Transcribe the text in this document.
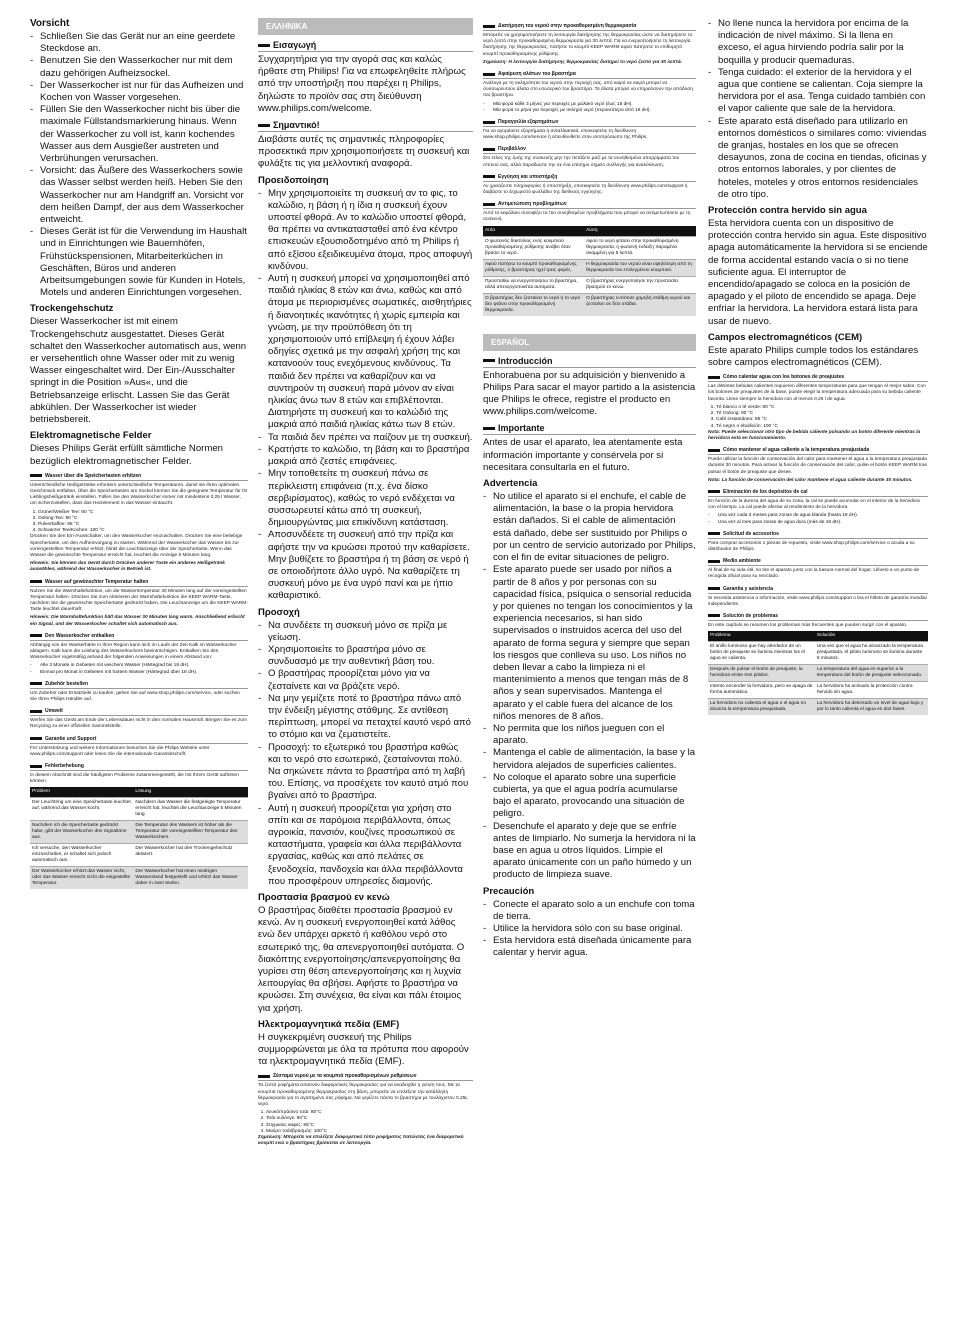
Vorsicht
- Schließen Sie das Gerät nur an eine geerdete Steckdose an.
- Benutzen Sie den Wasserkocher nur mit dem dazu gehörigen Aufheizsockel.
- Der Wasserkocher ist nur für das Aufheizen und Kochen von Wasser vorgesehen.
- Füllen Sie den Wasserkocher nicht bis über die maximale Füllstandsmarkierung hinaus. Wenn der Wasserkocher zu voll ist, kann kochendes Wasser aus dem Ausgießer austreten und Verbrühungen verursachen.
- Vorsicht: das Äußere des Wasserkochers sowie das Wasser selbst werden heiß. Heben Sie den Wasserkocher nur am Handgriff an. Vorsicht vor dem heißen Dampf, der aus dem Wasserkocher entweicht.
- Dieses Gerät ist für die Verwendung im Haushalt und in Einrichtungen wie Bauernhöfen, Frühstückspensionen, Mitarbeiterküchen in Geschäften, Büros und anderen Arbeitsumgebungen sowie für Kunden in Hotels, Motels und anderen Einrichtungen vorgesehen.
Trockengehschutz

Dieser Wasserkocher ist mit einem Trockengehschutz ausgestattet. Dieses Gerät schaltet den Wasserkocher automatisch aus, wenn er versehentlich ohne Wasser oder mit zu wenig Wasser eingeschaltet wird. Der Ein-/Ausschalter springt in die Position »Aus«, und die Betriebsanzeige erlischt. Lassen Sie das Gerät abkühlen. Der Wasserkocher ist wieder betriebsbereit.

Elektromagnetische Felder

Dieses Philips Gerät erfüllt sämtliche Normen bezüglich elektromagnetischer Felder.

Wasser über die Speichertasten erhitzen

Unterschiedliche Heißgetränke erfordern unterschiedliche Temperaturen, damit sie ihren optimalen Geschmack entfalten. Über die Speichertasten am Sockel können Sie die geeignete Temperatur für Ihr Lieblingsheißgetränk einstellen. Füllen Sie den Wasserkocher immer mit mindestens 0,25 l Wasser, um sicherzustellen, dass das Heizelement in das Wasser eintaucht.

1. Grüner/Weißer Tee: 80 °C
2. Oolong-Tee: 90 °C
3. Pulverkaffee: 95 °C
4. Schwarzer Tee/Kochen: 100 °C

Drücken Sie den Ein-/Ausschalter, um den Wasserkocher einzuschalten. Drücken Sie eine beliebige Speichertaste, um den Aufheizvorgang zu starten. Während der Wasserkocher das Wasser bis zur voreingestellten Temperatur erhitzt, blinkt die Leuchtanzeige über der Speichertaste. Wenn das Wasser die gewünschte Temperatur erreicht hat, leuchtet die Anzeige 5 Minuten lang.

Hinweis: Sie können das Gerät durch Drücken anderer Taste ein anderes Heißgetränk auswählen, während der Wasserkocher in Betrieb ist.

Wasser auf gewünschter Temperatur halten

Nutzen Sie die Warmhaltefunktion, um die Wassertemperatur 30 Minuten lang auf der voreingestellten Temperatur halten. Drücken Sie zum Aktivieren der Warmhaltefunktion die KEEP WARM-Taste, nachdem Sie die gewünschte Speichertaste gedrückt haben. Die Leuchtanzeige um die KEEP WARM-Taste leuchtet dauerhaft.

Hinweis: Die Warmhaltefunktion hält das Wasser 30 Minuten lang warm. Anschließend erlischt ein Signal, und der Wasserkocher schaltet sich automatisch aus.

Den Wasserkocher entkalken

Abhängig von der Wasserhärte in Ihrer Region kann sich im Laufe der Zeit Kalk im Wasserkocher ablagern. Kalk kann die Leistung des Wasserkochers beeinträchtigen. Entkalken Sie den Wasserkocher regelmäßig anhand der folgenden Anweisungen in einem Abstand von:

- Alle 3 Monate in Gebieten mit weichem Wasser (Härtegrad bis 18 dH).
- Einmal pro Monat in Gebieten mit hartem Wasser (Härtegrad über 18 dH).
Zubehör bestellen

Um Zubehör oder Ersatzteile zu kaufen, gehen Sie auf www.shop.philips.com/service, oder suchen Sie Ihren Philips Händler auf.

Umwelt

Werfen Sie das Gerät am Ende der Lebensdauer nicht in den normalen Hausmüll. Bringen Sie es zum Recycling zu einer offiziellen Sammelstelle.

Garantie und Support

Für Unterstützung und weitere Informationen besuchen Sie die Philips Website unter www.philips.com/support oder lesen Sie die internationale Garantieschrift.

Fehlerbehebung

In diesem Abschnitt sind die häufigsten Probleme zusammengestellt, die mit Ihrem Gerät auftreten können.

Problem	Lösung
Der Leuchtring um eine Speichertaste leuchtet auf, während das Wasser kocht.	Nachdem das Wasser die festgelegte Temperatur erreicht hat, leuchtet die Leuchtanzeige 5 Minuten lang.
Nachdem ich die Speichertaste gedrückt habe, gibt der Wasserkocher drei Signaltöne aus.	Die Temperatur des Wassers ist höher als die Temperatur der voreingestellten Temperatur des Wasserkochers.
Ich versuche, den Wasserkocher einzuschalten, er schaltet sich jedoch automatisch aus.	Der Wasserkocher hat den Trockengehschutz aktiviert.
Der Wasserkocher erhitzt das Wasser nicht, oder das Wasser erreicht nicht die eingestellte Temperatur.	Der Wasserkocher hat einen niedrigen Wasserstand festgestellt und erhitzt das Wasser daher in zwei Stufen.
ΕΛΛΗΝΙΚΑ
Εισαγωγή

Συγχαρητήρια για την αγορά σας και καλώς ήρθατε στη Philips! Για να επωφεληθείτε πλήρως από την υποστήριξη που παρέχει η Philips, δηλώστε το προϊόν σας στη διεύθυνση www.philips.com/welcome.

Σημαντικό!

Διαβάστε αυτές τις σημαντικές πληροφορίες προσεκτικά πριν χρησιμοποιήσετε τη συσκευή και φυλάξτε τις για μελλοντική αναφορά.

Προειδοποίηση
- Μην χρησιμοποιείτε τη συσκευή αν το φις, το καλώδιο, η βάση ή η ίδια η συσκευή έχουν υποστεί φθορά. Αν το καλώδιο υποστεί φθορά, θα πρέπει να αντικατασταθεί από ένα κέντρο επισκευών εξουσιοδοτημένο από τη Philips ή από εξίσου εξειδικευμένα άτομα, προς αποφυγή κινδύνου.
- Αυτή η συσκευή μπορεί να χρησιμοποιηθεί από παιδιά ηλικίας 8 ετών και άνω, καθώς και από άτομα με περιορισμένες σωματικές, αισθητήριες ή διανοητικές ικανότητες ή χωρίς εμπειρία και γνώση, με την προϋπόθεση ότι τη χρησιμοποιούν υπό επίβλεψη ή έχουν λάβει οδηγίες σχετικά με την ασφαλή χρήση της και κατανοούν τους ενεχόμενους κινδύνους. Τα παιδιά δεν πρέπει να καθαρίζουν και να συντηρούν τη συσκευή παρά μόνον αν είναι ηλικίας άνω των 8 ετών και επιβλέπονται. Διατηρήστε τη συσκευή και το καλώδιό της μακριά από παιδιά ηλικίας κάτω των 8 ετών.
- Τα παιδιά δεν πρέπει να παίζουν με τη συσκευή.
- Κρατήστε το καλώδιο, τη βάση και το βραστήρα μακριά από ζεστές επιφάνειες.
- Μην τοποθετείτε τη συσκευή πάνω σε περίκλειστη επιφάνεια (π.χ. ένα δίσκο σερβιρίσματος), καθώς το νερό ενδέχεται να συσσωρευτεί κάτω από τη συσκευή, δημιουργώντας μια επικίνδυνη κατάσταση.
- Αποσυνδέετε τη συσκευή από την πρίζα και αφήστε την να κρυώσει προτού την καθαρίσετε. Μην βυθίζετε το βραστήρα ή τη βάση σε νερό ή σε οποιοδήποτε άλλο υγρό. Να καθαρίζετε τη συσκευή μόνο με ένα υγρό πανί και με ήπιο καθαριστικό.
Προσοχή
- Να συνδέετε τη συσκευή μόνο σε πρίζα με γείωση.
- Χρησιμοποιείτε το βραστήρα μόνο σε συνδυασμό με την αυθεντική βάση του.
- Ο βραστήρας προορίζεται μόνο για να ζεσταίνετε και να βράζετε νερό.
- Να μην γεμίζετε ποτέ το βραστήρα πάνω από την ένδειξη μέγιστης στάθμης. Σε αντίθεση περίπτωση, μπορεί να πεταχτεί καυτό νερό από το στόμιο και να ζεματιστείτε.
- Προσοχή: το εξωτερικό του βραστήρα καθώς και το νερό στο εσωτερικό, ζεσταίνονται πολύ. Να σηκώνετε πάντα το βραστήρα από τη λαβή του. Επίσης, να προσέχετε τον καυτό ατμό που βγαίνει από το βραστήρα.
- Αυτή η συσκευή προορίζεται για χρήση στο σπίτι και σε παρόμοια περιβάλλοντα, όπως αγροικία, πανσιόν, κουζίνες προσωπικού σε καταστήματα, γραφεία και άλλα περιβάλλοντα εργασίας, καθώς και από πελάτες σε ξενοδοχεία, πανδοχεία και άλλα περιβάλλοντα που προσφέρουν υπηρεσίες διαμονής.
Προστασία βρασμού εν κενώ

Ο βραστήρας διαθέτει προστασία βρασμού εν κενώ. Αν η συσκευή ενεργοποιηθεί κατά λάθος ενώ δεν υπάρχει αρκετό ή καθόλου νερό στο εσωτερικό της, θα απενεργοποιηθεί αυτόματα. Ο διακόπτης ενεργοποίησης/απενεργοποίησης θα γυρίσει στη θέση απενεργοποίησης και η λυχνία λειτουργίας θα σβήσει. Αφήστε το βραστήρα να κρυώσει. Στη συνέχεια, θα είναι και πάλι έτοιμος για χρήση.

Ηλεκτρομαγνητικά πεδία (EMF)

Η συγκεκριμένη συσκευή της Philips συμμορφώνεται με όλα τα πρότυπα που αφορούν τα ηλεκτρομαγνητικά πεδία (EMF).

Ζέσταμα νερού με τα κουμπιά προκαθορισμένων ρυθμίσεων

Τα ζεστά ροφήματα απαιτούν διαφορετικές θερμοκρασίες για να αναδειχθεί η γεύση τους. Με τα κουμπιά προκαθορισμένης θερμοκρασίας στη βάση, μπορείτε να επιλέξετε την κατάλληλη θερμοκρασία για το αγαπημένο σας ρόφημα. Να γεμίζετε πάντα το βραστήρα με τουλάχιστον 0,25L νερό.

1. Λευκό/πράσινο τσάι: 80°C
2. Τσάι ουλόνγκ: 90°C
3. Στιγμιαίος καφές: 95°C
4. Μαύρο τσάι/βρασμός: 100°C

Σημείωση: Μπορείτε να επιλέξετε διαφορετικό τύπο ροφήματος πατώντας ένα διαφορετικό κουμπί ενώ ο βραστήρας βρίσκεται σε λειτουργία.

Διατήρηση του νερού στην προκαθορισμένη θερμοκρασία

Μπορείτε να χρησιμοποιήσετε τη λειτουργία διατήρησης της θερμοκρασίας ώστε να διατηρήσετε το νερό ζεστό στην προκαθορισμένη θερμοκρασία για 30 λεπτά. Για να ενεργοποιήσετε τη λειτουργία διατήρησης της θερμοκρασίας, πατήστε το κουμπί KEEP WARM αφού πατήσετε το επιθυμητό κουμπί προκαθορισμένης ρύθμισης.

Σημείωση: Η λειτουργία διατήρησης θερμοκρασίας διατηρεί το νερό ζεστό για 30 λεπτά.

Αφαίρεση αλάτων του βραστήρα

Ανάλογα με τη σκληρότητα του νερού στην περιοχή σας, από καιρό σε καιρό μπορεί να συσσωρευτούν άλατα στο εσωτερικό του βραστήρα. Τα άλατα μπορεί να επηρεάσουν την απόδοση του βραστήρα.

- Μία φορά κάθε 3 μήνες για περιοχές με μαλακό νερό (έως 18 dH).
- Μία φορά το μήνα για περιοχές με σκληρό νερό (περισσότερο από 18 dH).
Παραγγελία εξαρτημάτων

Για να αγοράσετε εξαρτήματα ή ανταλλακτικά, επισκεφτείτε τη διεύθυνση www.shop.philips.com/service ή απευθυνθείτε στον αντιπρόσωπο της Philips.

Περιβάλλον

Στο τέλος της ζωής της συσκευής μην την πετάξετε μαζί με τα συνηθισμένα απορρίμματα του σπιτιού σας, αλλά παραδώστε την σε ένα επίσημο σημείο συλλογής για ανακύκλωση.

Εγγύηση και υποστήριξη

Αν χρειάζεστε πληροφορίες ή υποστήριξη, επισκεφτείτε τη διεύθυνση www.philips.com/support ή διαβάστε το ξεχωριστό φυλλάδιο της διεθνούς εγγύησης.

Αντιμετώπιση προβλημάτων

Αυτό το κεφάλαιο συνοψίζει τα πιο συνηθισμένα προβλήματα που μπορεί να αντιμετωπίσετε με τη συσκευή.

Αιτία	Λύση
Ο φωτεινός δακτύλιος ενός κουμπιού προκαθορισμένης ρύθμισης ανάβει όταν βράσει το νερό.	Αφού το νερό φτάσει στην προκαθορισμένη θερμοκρασία, η φωτεινή ένδειξη παραμένει αναμμένη για 5 λεπτά.
Αφού πατήσω το κουμπί προκαθορισμένης ρύθμισης, ο βραστήρας ηχεί τρεις φορές.	Η θερμοκρασία του νερού είναι υψηλότερη από τη θερμοκρασία του επιλεγμένου κουμπιού.
Προσπαθώ να ενεργοποιήσω το βραστήρα, αλλά απενεργοποιείται αυτόματα.	Ο βραστήρας ενεργοποίησε την προστασία βρασμού εν κενώ.
Ο βραστήρας δεν ζεσταίνει το νερό ή το νερό δεν φτάνει στην προκαθορισμένη θερμοκρασία.	Ο βραστήρας εντόπισε χαμηλή στάθμη νερού και ζεσταίνει σε δύο στάδια.
ESPAÑOL
Introducción

Enhorabuena por su adquisición y bienvenido a Philips Para sacar el mayor partido a la asistencia que Philips le ofrece, registre el producto en www.philips.com/welcome.

Importante

Antes de usar el aparato, lea atentamente esta información importante y consérvela por si necesitara consultarla en el futuro.

Advertencia
- No utilice el aparato si el enchufe, el cable de alimentación, la base o la propia hervidora están dañados. Si el cable de alimentación está dañado, debe ser sustituido por Philips o por un centro de servicio autorizado por Philips, con el fin de evitar situaciones de peligro.
- Este aparato puede ser usado por niños a partir de 8 años y por personas con su capacidad física, psíquica o sensorial reducida y por quienes no tengan los conocimientos y la experiencia necesarios, si han sido supervisados o instruidos acerca del uso del aparato de forma segura y siempre que sepan los riesgos que conlleva su uso. Los niños no deben llevar a cabo la limpieza ni el mantenimiento a menos que tengan más de 8 años y sean supervisados. Mantenga el aparato y el cable fuera del alcance de los niños menores de 8 años.
- No permita que los niños jueguen con el aparato.
- Mantenga el cable de alimentación, la base y la hervidora alejados de superficies calientes.
- No coloque el aparato sobre una superficie cubierta, ya que el agua podría acumularse bajo el aparato, provocando una situación de peligro.
- Desenchufe el aparato y deje que se enfríe antes de limpiarlo. No sumerja la hervidora ni la base en agua u otros líquidos. Limpie el aparato únicamente con un paño húmedo y un producto de limpieza suave.
Precaución
- Conecte el aparato solo a un enchufe con toma de tierra.
- Utilice la hervidora sólo con su base original.
- Esta hervidora está diseñada únicamente para calentar y hervir agua.
- No llene nunca la hervidora por encima de la indicación de nivel máximo. Si la llena en exceso, el agua hirviendo podría salir por la boquilla y producir quemaduras.
- Tenga cuidado: el exterior de la hervidora y el agua que contiene se calientan. Coja siempre la hervidora por el asa. Tenga cuidado también con el vapor caliente que sale de la hervidora.
- Este aparato está diseñado para utilizarlo en entornos domésticos o similares como: viviendas de granjas, hostales en los que se ofrecen desayunos, zona de cocina en tiendas, oficinas y otros entornos laborales, y por clientes de hoteles, moteles y otros entornos residenciales de otro tipo.
Protección contra hervido sin agua

Esta hervidora cuenta con un dispositivo de protección contra hervido sin agua. Este dispositivo apaga automáticamente la hervidora si se enciende de forma accidental estando vacía o si no tiene suficiente agua. El interruptor de encendido/apagado se coloca en la posición de apagado y el piloto de encendido se apaga. Deje enfriar la hervidora. La hervidora estará lista para usar de nuevo.

Campos electromagnéticos (CEM)

Este aparato Philips cumple todos los estándares sobre campos electromagnéticos (CEM).

Cómo calentar agua con los botones de preajustes

Las distintas bebidas calientes requieren diferentes temperaturas para que tengan el mejor sabor. Con los botones de preajustes de la base, puede elegir la temperatura adecuada para su bebida caliente favorita. Llene siempre la hervidora con al menos 0,25 l de agua.

1. Té blanco o té verde: 80 °C
2. Té Oolong: 90 °C
3. Café instantáneo: 95 °C
4. Té negro o ebullición: 100 °C

Nota: Puede seleccionar otro tipo de bebida caliente pulsando un botón diferente mientras la hervidora está en funcionamiento.

Cómo mantener el agua caliente a la temperatura preajustada

Puede utilizar la función de conservación del calor para mantener el agua a la temperatura preajustada durante 30 minutos. Para activar la función de conservación del calor, pulse el botón KEEP WARM tras pulsar el botón de preajuste que desee.

Nota: La función de conservación del calor mantiene el agua caliente durante 30 minutos.

Eliminación de los depósitos de cal

En función de la dureza del agua de su zona, la cal se puede acumular en el interior de la hervidora con el tiempo. La cal puede afectar al rendimiento de la hervidora.

- Una vez cada 3 meses para zonas de agua blanda (hasta 18 dH).
- Una vez al mes para zonas de agua dura (más de 18 dH).
Solicitud de accesorios

Para comprar accesorios o piezas de repuesto, visite www.shop.philips.com/service o acuda a su distribuidor de Philips.

Medio ambiente

Al final de su vida útil, no tire el aparato junto con la basura normal del hogar. Llévelo a un punto de recogida oficial para su reciclado.

Garantía y asistencia

Si necesita asistencia o información, visite www.philips.com/support o lea el folleto de garantía mundial independiente.

Solución de problemas

En este capítulo se resumen los problemas más frecuentes que pueden surgir con el aparato.

Problema	Solución
El anillo luminoso que hay alrededor de un botón de preajuste se ilumina mientras los el agua se calienta.	Una vez que el agua ha alcanzado la temperatura preajustada, el piloto luminoso se ilumina durante 5 minutos.
Después de pulsar el botón de preajuste, la hervidora emite tres pitidos.	La temperatura del agua es superior a la temperatura del botón de preajuste seleccionado.
Intento encender la hervidora, pero se apaga de forma automática.	La hervidora ha activado la protección contra hervido sin agua.
La hervidora no calienta el agua o el agua no alcanza la temperatura preajustada.	La hervidora ha detectado un nivel de agua bajo y por lo tanto calienta el agua en dos fases.
